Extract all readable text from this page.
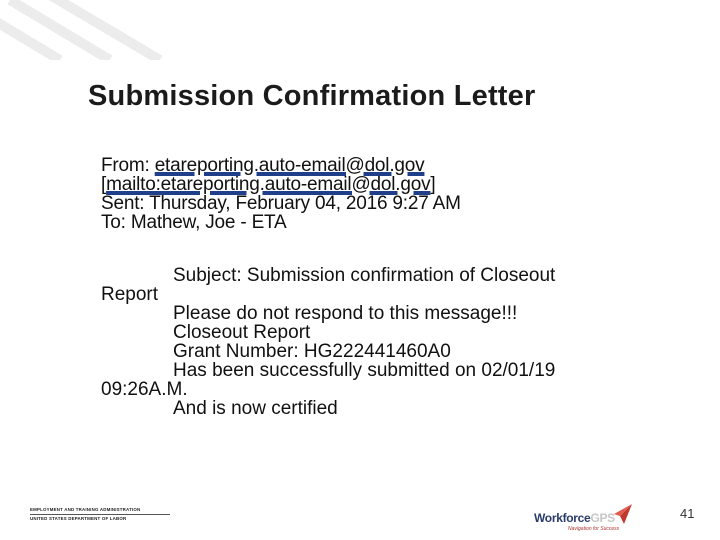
Submission Confirmation Letter
From: etareporting.auto-email@dol.gov
[mailto:etareporting.auto-email@dol.gov]
Sent: Thursday, February 04, 2016 9:27 AM
To: Mathew, Joe - ETA
Subject: Submission confirmation of Closeout
Report
Please do not respond to this message!!!
Closeout Report
Grant Number: HG222441460A0
Has been successfully submitted on 02/01/19
09:26A.M.
And is now certified
EMPLOYMENT AND TRAINING ADMINISTRATION
UNITED STATES DEPARTMENT OF LABOR	WorkforceGPS
Navigation for Success
41
